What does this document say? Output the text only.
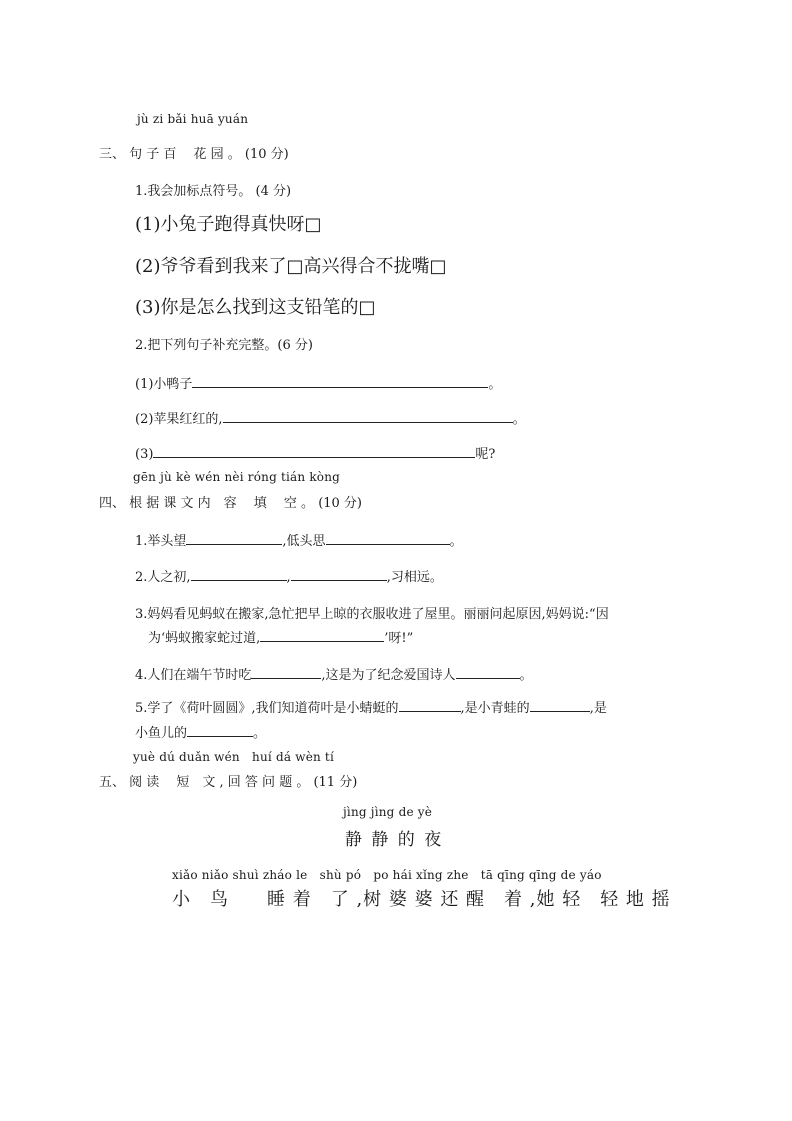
jù zi bǎi huā yuán
三、 句 子 百　 花 园 。 (10 分)
1.我会加标点符号。 (4 分)
(1)小兔子跑得真快呀□
(2)爷爷看到我来了□高兴得合不拢嘴□
(3)你是怎么找到这支铅笔的□
2.把下列句子补充完整。(6 分)
(1)小鸭子	。
(2)苹果红红的,	。
(3)	呢?
gēn jù kè wén nèi róng tián kòng
四、 根 据 课 文 内　容　 填　 空 。 (10 分)
1.举头望	,低头思	。
2.人之初,	,	,习相远。
3.妈妈看见蚂蚁在搬家,急忙把早上晾的衣服收进了屋里。丽丽问起原因,妈妈说:“因
为‘蚂蚁搬家蛇过道,	’呀!”
4.人们在端午节时吃	,这是为了纪念爱国诗人	。
5.学了《荷叶圆圆》,我们知道荷叶是小蜻蜓的	,是小青蛙的	,是
小鱼儿的	。
yuè dú duǎn wén　huí dá wèn tí
五、 阅 读　 短　文 , 回 答 问 题 。 (11 分)
jìng jìng de yè
静 静 的 夜
xiǎo niǎo shuì zháo le　shù pó　po hái xǐng zhe　tā qīng qīng de yáo
小　鸟　　睡 着　了 ,树 婆 婆 还 醒　着 ,她 轻　轻 地 摇
